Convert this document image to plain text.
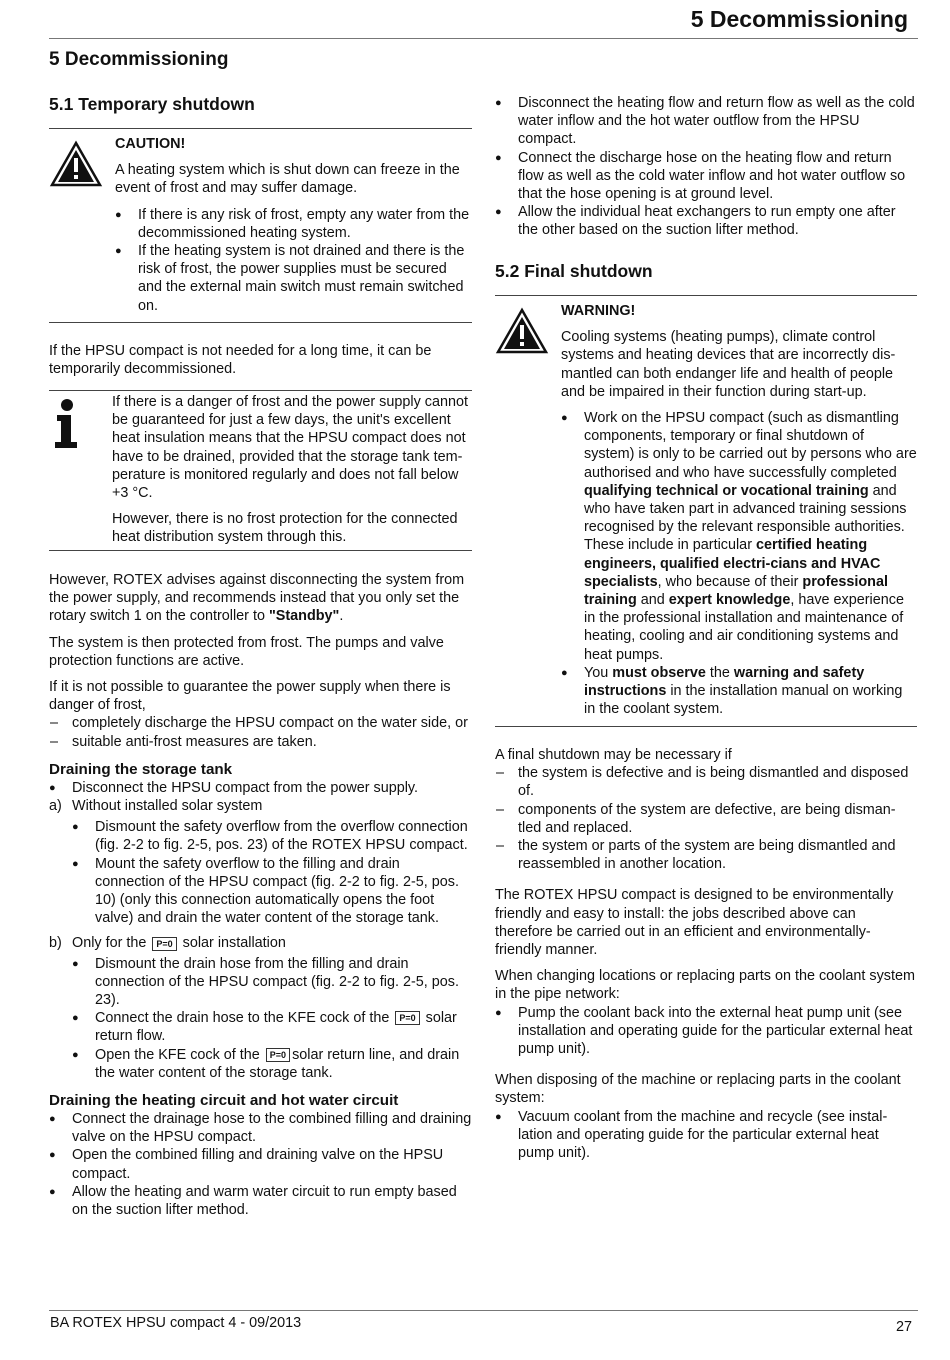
5 Decommissioning
5 Decommissioning
5.1 Temporary shutdown

CAUTION!

A heating system which is shut down can freeze in the event of frost and may suffer damage.

● If there is any risk of frost, empty any water from the decommissioned heating system.

● If the heating system is not drained and there is the risk of frost, the power supplies must be secured and the external main switch must remain switched on.

If the HPSU compact is not needed for a long time, it can be temporarily decommissioned.

If there is a danger of frost and the power supply cannot be guaranteed for just a few days, the unit's excellent heat insulation means that the HPSU compact does not have to be drained, provided that the storage tank tem-perature is monitored regularly and does not fall below +3 °C.

However, there is no frost protection for the connected heat distribution system through this.

However, ROTEX advises against disconnecting the system from the power supply, and recommends instead that you only set the rotary switch 1 on the controller to "Standby".

The system is then protected from frost. The pumps and valve protection functions are active.

If it is not possible to guarantee the power supply when there is danger of frost,

– completely discharge the HPSU compact on the water side, or

– suitable anti-frost measures are taken.

Draining the storage tank

● Disconnect the HPSU compact from the power supply.

a) Without installed solar system

● Dismount the safety overflow from the overflow connection (fig. 2-2 to fig. 2-5, pos. 23) of the ROTEX HPSU compact.

● Mount the safety overflow to the filling and drain connection of the HPSU compact (fig. 2-2 to fig. 2-5, pos. 10) (only this connection automatically opens the foot valve) and drain the water content of the storage tank.

b) Only for the P=0 solar installation

● Dismount the drain hose from the filling and drain connection of the HPSU compact (fig. 2-2 to fig. 2-5, pos. 23).

● Connect the drain hose to the KFE cock of the P=0 solar return flow.

● Open the KFE cock of the P=0 solar return line, and drain the water content of the storage tank.

Draining the heating circuit and hot water circuit

● Connect the drainage hose to the combined filling and draining valve on the HPSU compact.

● Open the combined filling and draining valve on the HPSU compact.

● Allow the heating and warm water circuit to run empty based on the suction lifter method.

● Disconnect the heating flow and return flow as well as the cold water inflow and the hot water outflow from the HPSU compact.

● Connect the discharge hose on the heating flow and return flow as well as the cold water inflow and hot water outflow so that the hose opening is at ground level.

● Allow the individual heat exchangers to run empty one after the other based on the suction lifter method.

5.2 Final shutdown

WARNING!

Cooling systems (heating pumps), climate control systems and heating devices that are incorrectly dis-mantled can both endanger life and health of people and be impaired in their function during start-up.

● Work on the HPSU compact (such as dismantling components, temporary or final shutdown of system) is only to be carried out by persons who are authorised and who have successfully completed qualifying technical or vocational training and who have taken part in advanced training sessions recognised by the relevant responsible authorities. These include in particular certified heating engineers, qualified electri-cians and HVAC specialists, who because of their professional training and expert knowledge, have experience in the professional installation and maintenance of heating, cooling and air conditioning systems and heat pumps.

● You must observe the warning and safety instructions in the installation manual on working in the coolant system.

A final shutdown may be necessary if

– the system is defective and is being dismantled and disposed of.

– components of the system are defective, are being disman-tled and replaced.

– the system or parts of the system are being dismantled and reassembled in another location.

The ROTEX HPSU compact is designed to be environmentally friendly and easy to install: the jobs described above can therefore be carried out in an efficient and environmentally-friendly manner.

When changing locations or replacing parts on the coolant system in the pipe network:

● Pump the coolant back into the external heat pump unit (see installation and operating guide for the particular external heat pump unit).

When disposing of the machine or replacing parts in the coolant system:

● Vacuum coolant from the machine and recycle (see instal-lation and operating guide for the particular external heat pump unit).

BA ROTEX HPSU compact 4 - 09/2013	27
